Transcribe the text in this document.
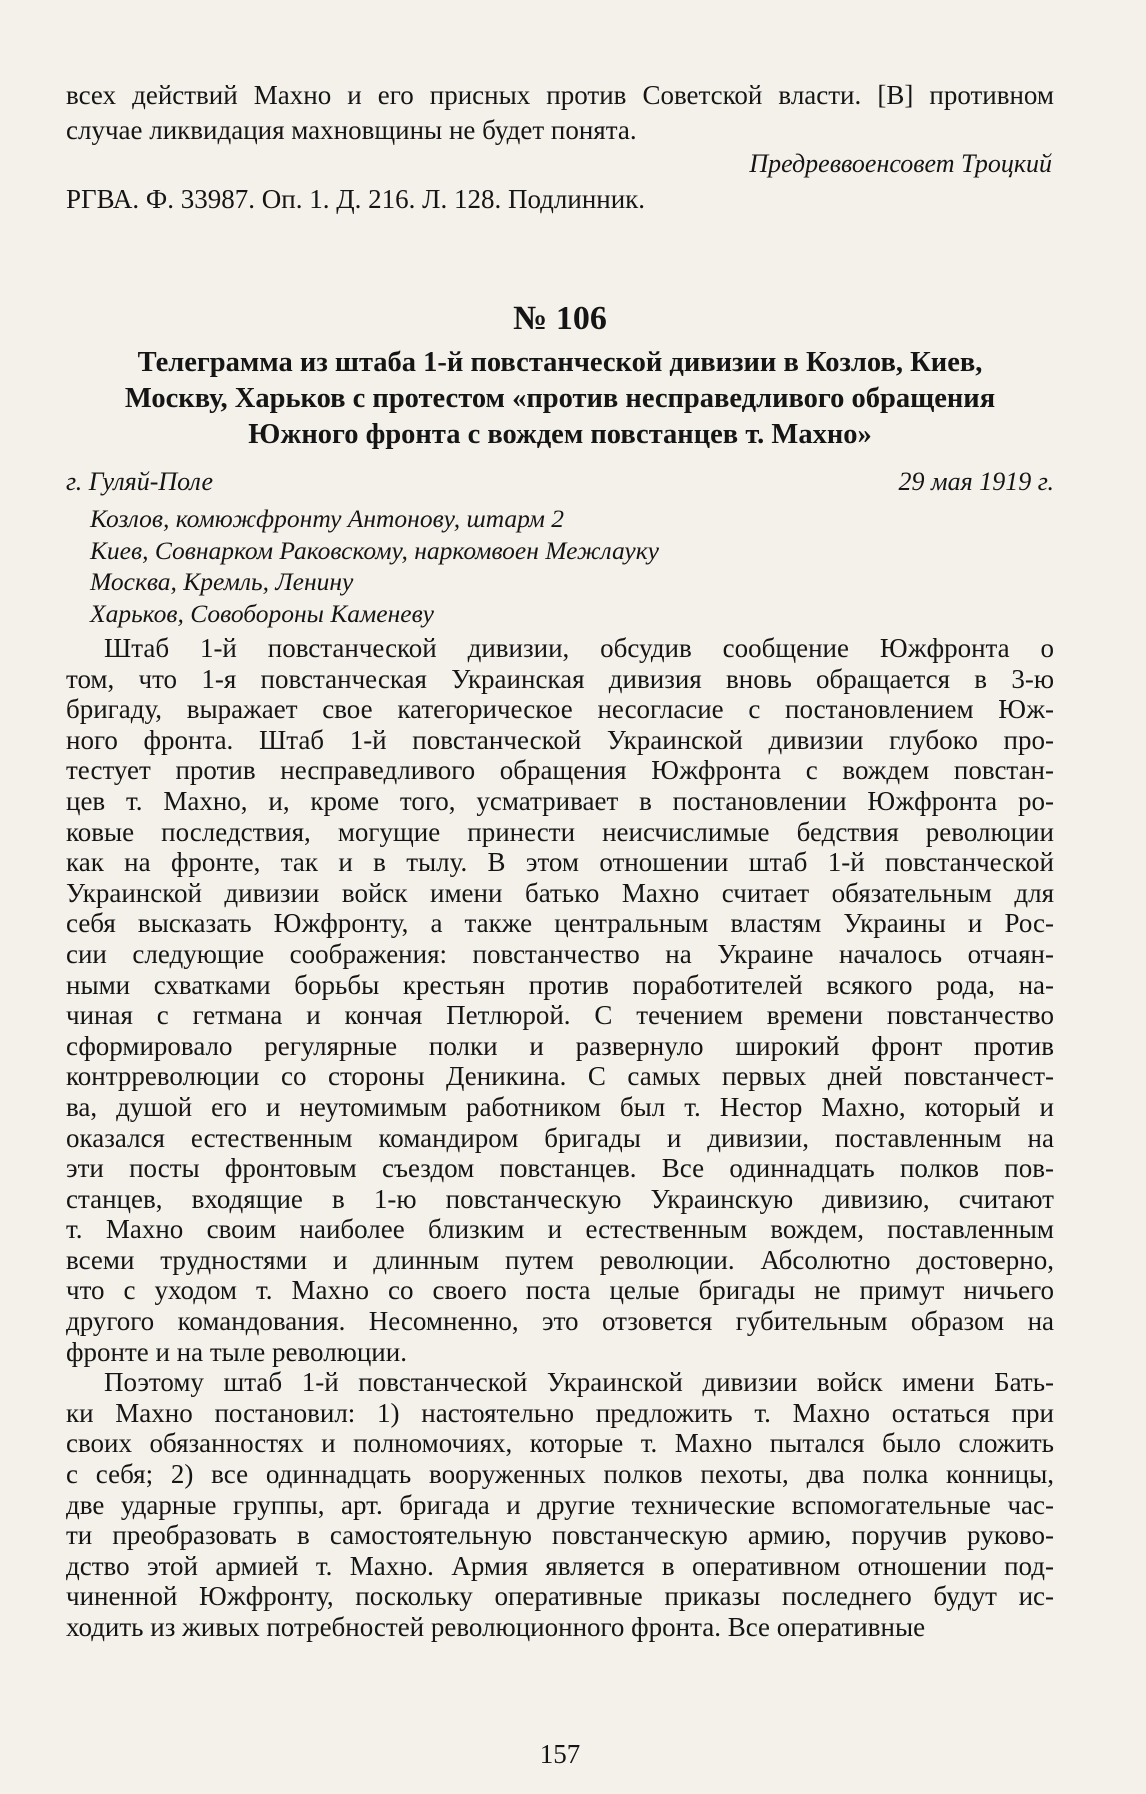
всех действий Махно и его присных против Советской власти. [В] противном
случае ликвидация махновщины не будет понята.

Предреввоенсовет Троцкий

РГВА. Ф. 33987. Оп. 1. Д. 216. Л. 128. Подлинник.

№ 106
Телеграмма из штаба 1-й повстанческой дивизии в Козлов, Киев,
Москву, Харьков с протестом «против несправедливого обращения
Южного фронта с вождем повстанцев т. Махно»
г. Гуляй-Поле	29 мая 1919 г.
Козлов, комюжфронту Антонову, штарм 2
Киев, Совнарком Раковскому, наркомвоен Межлауку
Москва, Кремль, Ленину
Харьков, Совобороны Каменеву
Штаб 1-й повстанческой дивизии, обсудив сообщение Южфронта о
том, что 1-я повстанческая Украинская дивизия вновь обращается в 3-ю
бригаду, выражает свое категорическое несогласие с постановлением Юж-
ного фронта. Штаб 1-й повстанческой Украинской дивизии глубоко про-
тестует против несправедливого обращения Южфронта с вождем повстан-
цев т. Махно, и, кроме того, усматривает в постановлении Южфронта ро-
ковые последствия, могущие принести неисчислимые бедствия революции
как на фронте, так и в тылу. В этом отношении штаб 1-й повстанческой
Украинской дивизии войск имени батько Махно считает обязательным для
себя высказать Южфронту, а также центральным властям Украины и Рос-
сии следующие соображения: повстанчество на Украине началось отчаян-
ными схватками борьбы крестьян против поработителей всякого рода, на-
чиная с гетмана и кончая Петлюрой. С течением времени повстанчество
сформировало регулярные полки и развернуло широкий фронт против
контрреволюции со стороны Деникина. С самых первых дней повстанчест-
ва, душой его и неутомимым работником был т. Нестор Махно, который и
оказался естественным командиром бригады и дивизии, поставленным на
эти посты фронтовым съездом повстанцев. Все одиннадцать полков пов-
станцев, входящие в 1-ю повстанческую Украинскую дивизию, считают
т. Махно своим наиболее близким и естественным вождем, поставленным
всеми трудностями и длинным путем революции. Абсолютно достоверно,
что с уходом т. Махно со своего поста целые бригады не примут ничьего
другого командования. Несомненно, это отзовется губительным образом на
фронте и на тыле революции.
Поэтому штаб 1-й повстанческой Украинской дивизии войск имени Бать-
ки Махно постановил: 1) настоятельно предложить т. Махно остаться при
своих обязанностях и полномочиях, которые т. Махно пытался было сложить
с себя; 2) все одиннадцать вооруженных полков пехоты, два полка конницы,
две ударные группы, арт. бригада и другие технические вспомогательные час-
ти преобразовать в самостоятельную повстанческую армию, поручив руково-
дство этой армией т. Махно. Армия является в оперативном отношении под-
чиненной Южфронту, поскольку оперативные приказы последнего будут ис-
ходить из живых потребностей революционного фронта. Все оперативные
157
